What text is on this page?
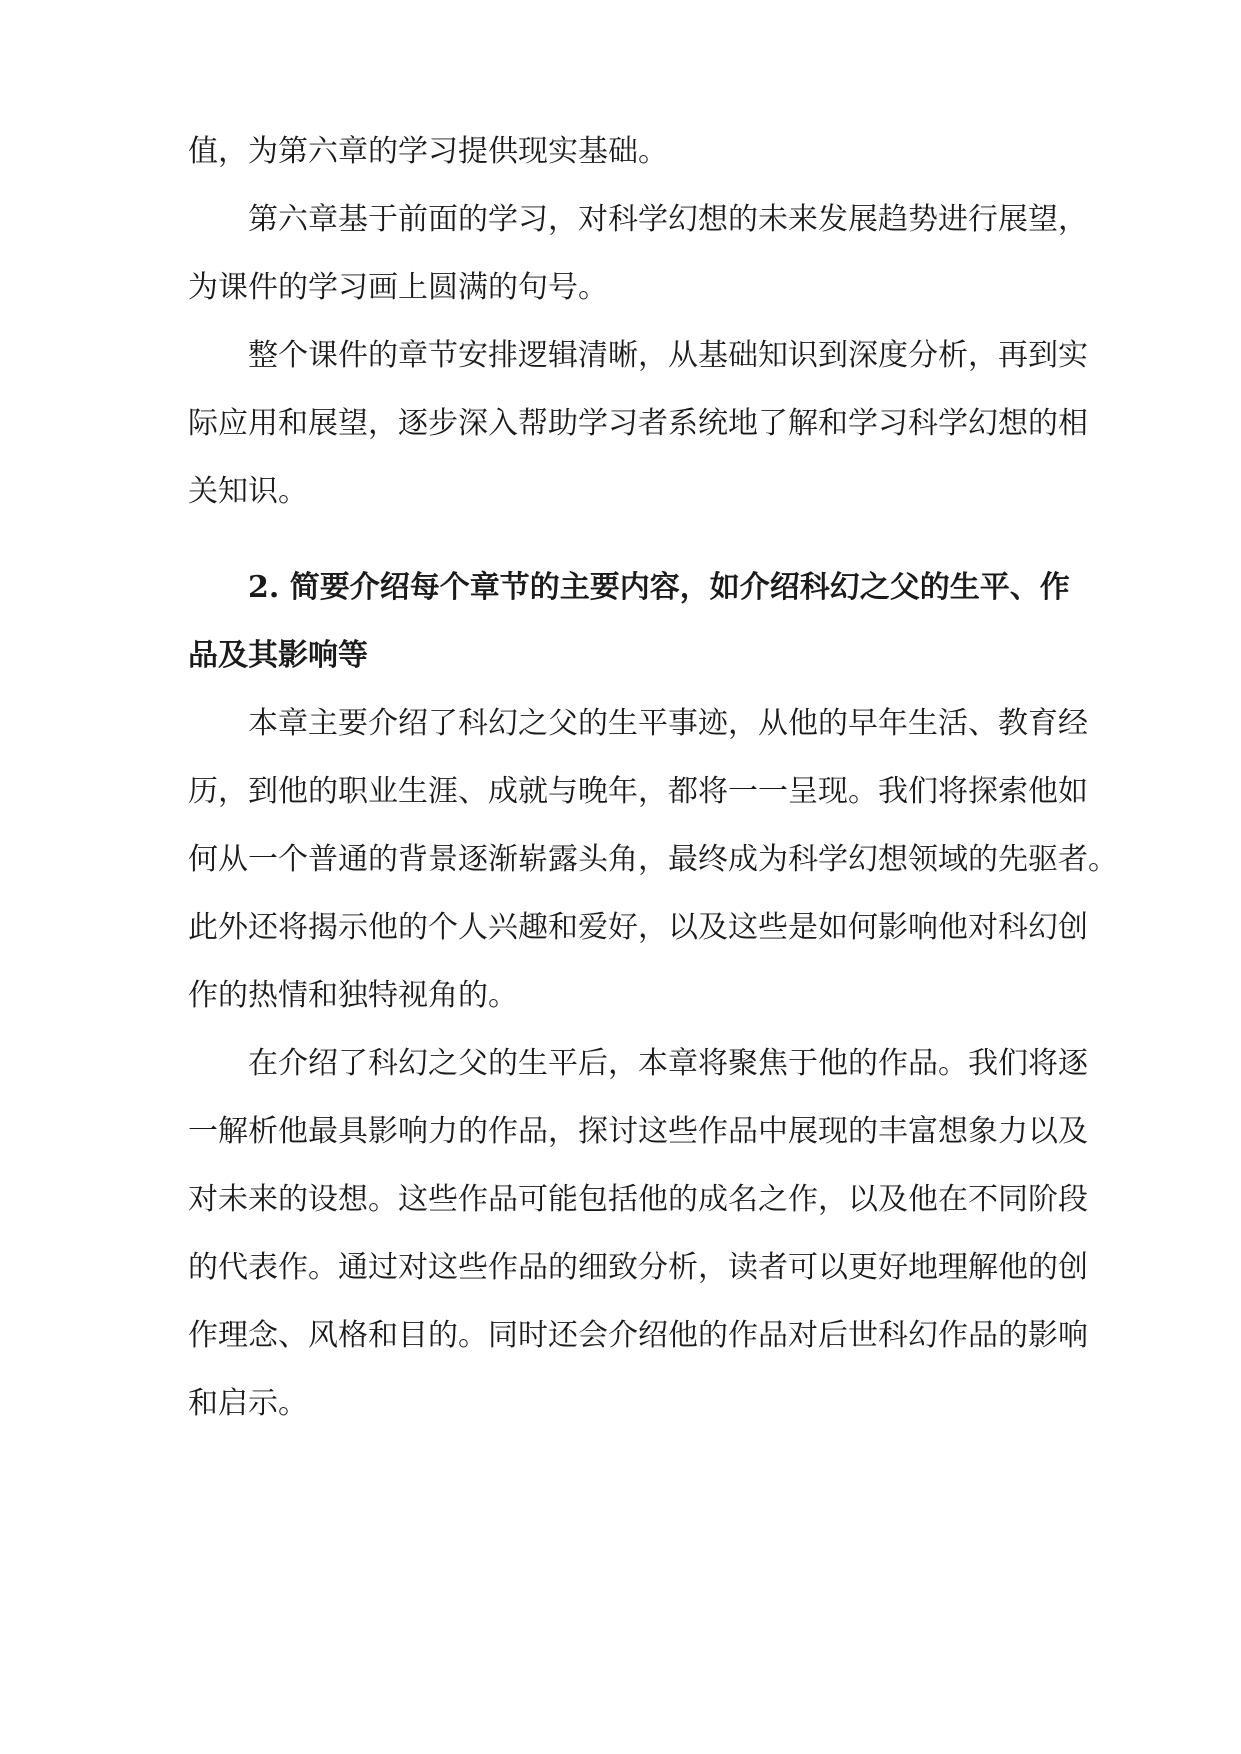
值，为第六章的学习提供现实基础。
第六章基于前面的学习，对科学幻想的未来发展趋势进行展望，
为课件的学习画上圆满的句号。
整个课件的章节安排逻辑清晰，从基础知识到深度分析，再到实
际应用和展望，逐步深入帮助学习者系统地了解和学习科学幻想的相
关知识。
2. 简要介绍每个章节的主要内容，如介绍科幻之父的生平、作
品及其影响等
本章主要介绍了科幻之父的生平事迹，从他的早年生活、教育经
历，到他的职业生涯、成就与晚年，都将一一呈现。我们将探索他如
何从一个普通的背景逐渐崭露头角，最终成为科学幻想领域的先驱者。
此外还将揭示他的个人兴趣和爱好，以及这些是如何影响他对科幻创
作的热情和独特视角的。
在介绍了科幻之父的生平后，本章将聚焦于他的作品。我们将逐
一解析他最具影响力的作品，探讨这些作品中展现的丰富想象力以及
对未来的设想。这些作品可能包括他的成名之作，以及他在不同阶段
的代表作。通过对这些作品的细致分析，读者可以更好地理解他的创
作理念、风格和目的。同时还会介绍他的作品对后世科幻作品的影响
和启示。
